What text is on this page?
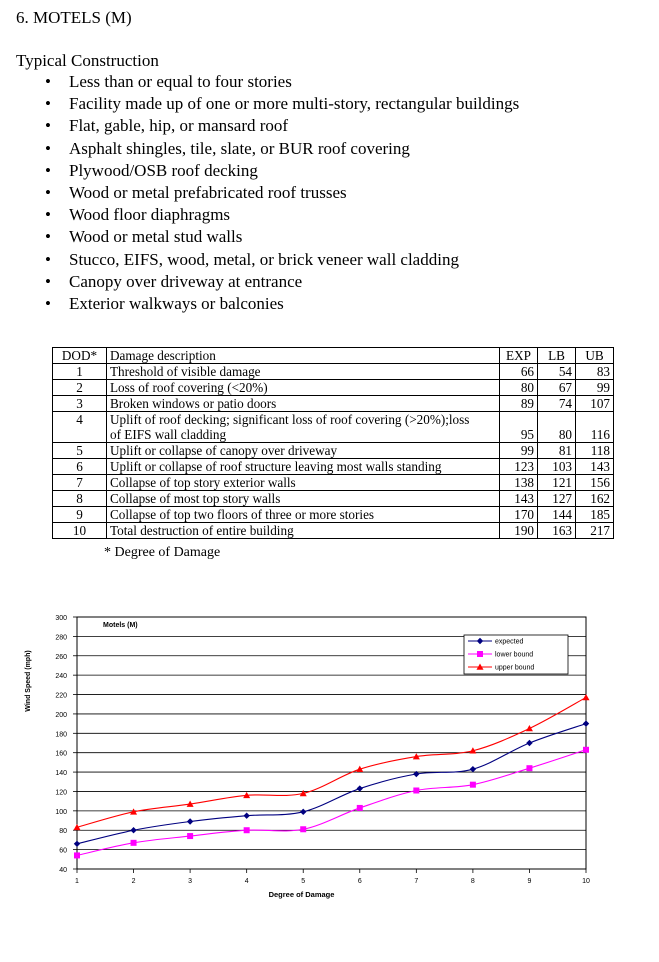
6. MOTELS (M)
Typical Construction
• Less than or equal to four stories
• Facility made up of one or more multi-story, rectangular buildings
• Flat, gable, hip, or mansard roof
• Asphalt shingles, tile, slate, or BUR roof covering
• Plywood/OSB roof decking
• Wood or metal prefabricated roof trusses
• Wood floor diaphragms
• Wood or metal stud walls
• Stucco, EIFS, wood, metal, or brick veneer wall cladding
• Canopy over driveway at entrance
• Exterior walkways or balconies
DOD*	Damage description	EXP	LB	UB
1	Threshold of visible damage	66	54	83
2	Loss of roof covering (<20%)	80	67	99
3	Broken windows or patio doors	89	74	107
4	Uplift of roof decking; significant loss of roof covering (>20%);loss
of EIFS wall cladding	95	80	116
5	Uplift or collapse of canopy over driveway	99	81	118
6	Uplift or collapse of roof structure leaving most walls standing	123	103	143
7	Collapse of top story exterior walls	138	121	156
8	Collapse of most top story walls	143	127	162
9	Collapse of top two floors of three or more stories	170	144	185
10	Total destruction of entire building	190	163	217
* Degree of Damage
40
60
80
100
120
140
160
180
200
220
240
260
280
300
1	2	3	4	5	6	7	8	9	10
Degree of Damage
Wind Speed (mph)
Motels (M)
expected
lower bound
upper bound
